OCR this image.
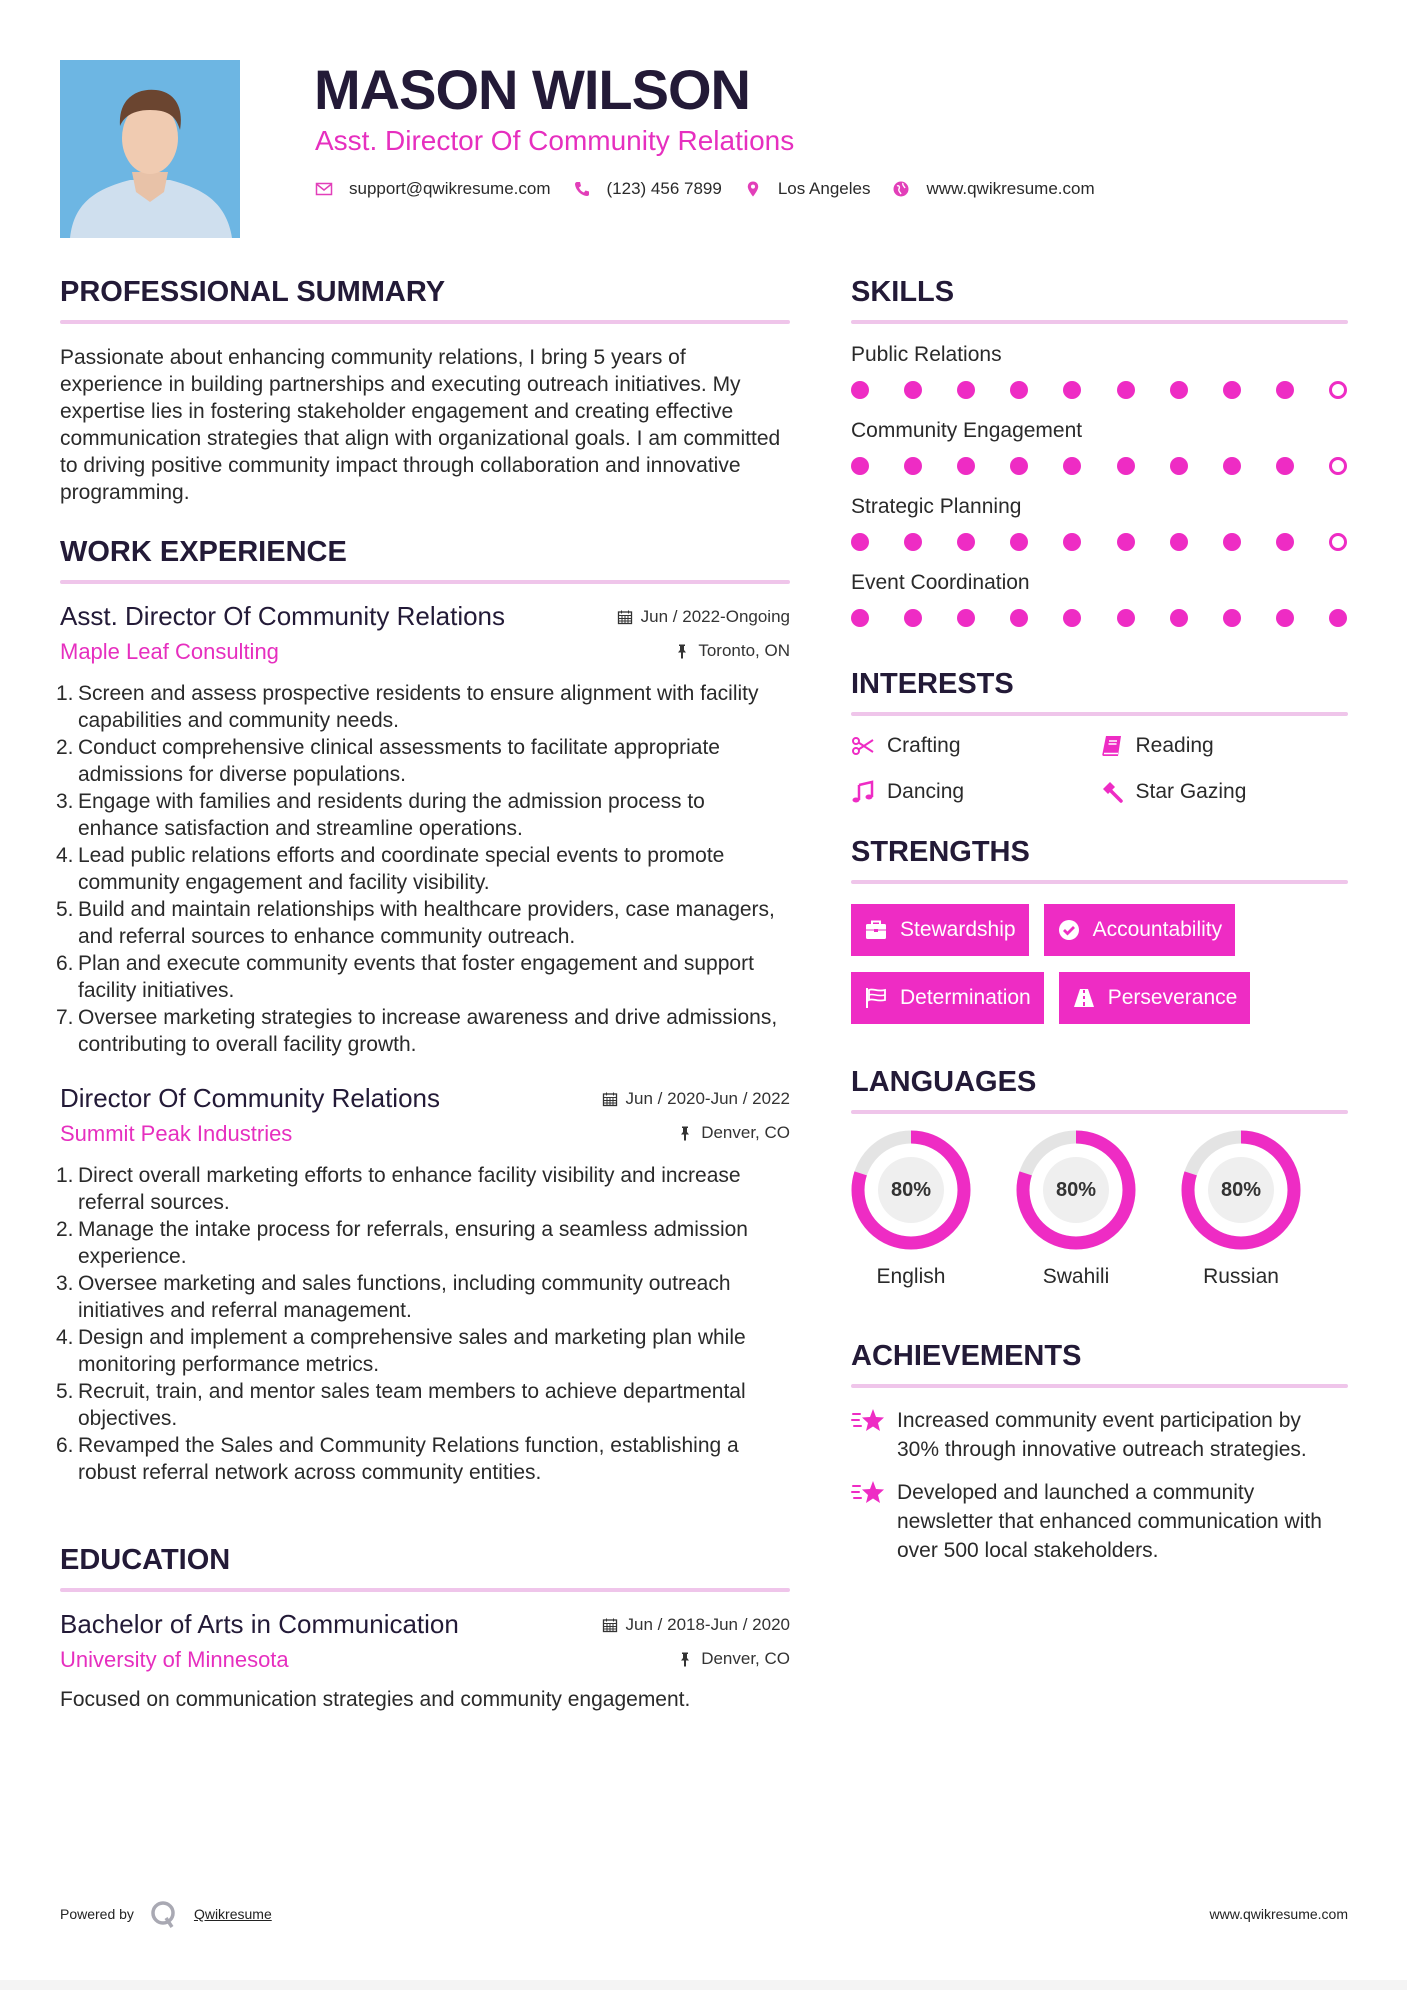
MASON WILSON
Asst. Director Of Community Relations
support@qwikresume.com	(123) 456 7899	Los Angeles	www.qwikresume.com
PROFESSIONAL SUMMARY

Passionate about enhancing community relations, I bring 5 years of experience in building partnerships and executing outreach initiatives. My expertise lies in fostering stakeholder engagement and creating effective communication strategies that align with organizational goals. I am committed to driving positive community impact through collaboration and innovative programming.

WORK EXPERIENCE
Asst. Director Of Community Relations	Jun / 2022-Ongoing
Maple Leaf Consulting	Toronto, ON
1. Screen and assess prospective residents to ensure alignment with facility capabilities and community needs.
2. Conduct comprehensive clinical assessments to facilitate appropriate admissions for diverse populations.
3. Engage with families and residents during the admission process to enhance satisfaction and streamline operations.
4. Lead public relations efforts and coordinate special events to promote community engagement and facility visibility.
5. Build and maintain relationships with healthcare providers, case managers, and referral sources to enhance community outreach.
6. Plan and execute community events that foster engagement and support facility initiatives.
7. Oversee marketing strategies to increase awareness and drive admissions, contributing to overall facility growth.
Director Of Community Relations	Jun / 2020-Jun / 2022
Summit Peak Industries	Denver, CO
1. Direct overall marketing efforts to enhance facility visibility and increase referral sources.
2. Manage the intake process for referrals, ensuring a seamless admission experience.
3. Oversee marketing and sales functions, including community outreach initiatives and referral management.
4. Design and implement a comprehensive sales and marketing plan while monitoring performance metrics.
5. Recruit, train, and mentor sales team members to achieve departmental objectives.
6. Revamped the Sales and Community Relations function, establishing a robust referral network across community entities.
EDUCATION
Bachelor of Arts in Communication	Jun / 2018-Jun / 2020
University of Minnesota	Denver, CO

Focused on communication strategies and community engagement.

SKILLS
Public Relations
Community Engagement
Strategic Planning
Event Coordination
INTERESTS
Crafting	Reading
Dancing	Star Gazing
STRENGTHS
Stewardship	Accountability
Determination	Perseverance
LANGUAGES
80%
English
80%
Swahili
80%
Russian
ACHIEVEMENTS
Increased community event participation by 30% through innovative outreach strategies.
Developed and launched a community newsletter that enhanced communication with over 500 local stakeholders.
Powered by	Qwikresume	www.qwikresume.com
